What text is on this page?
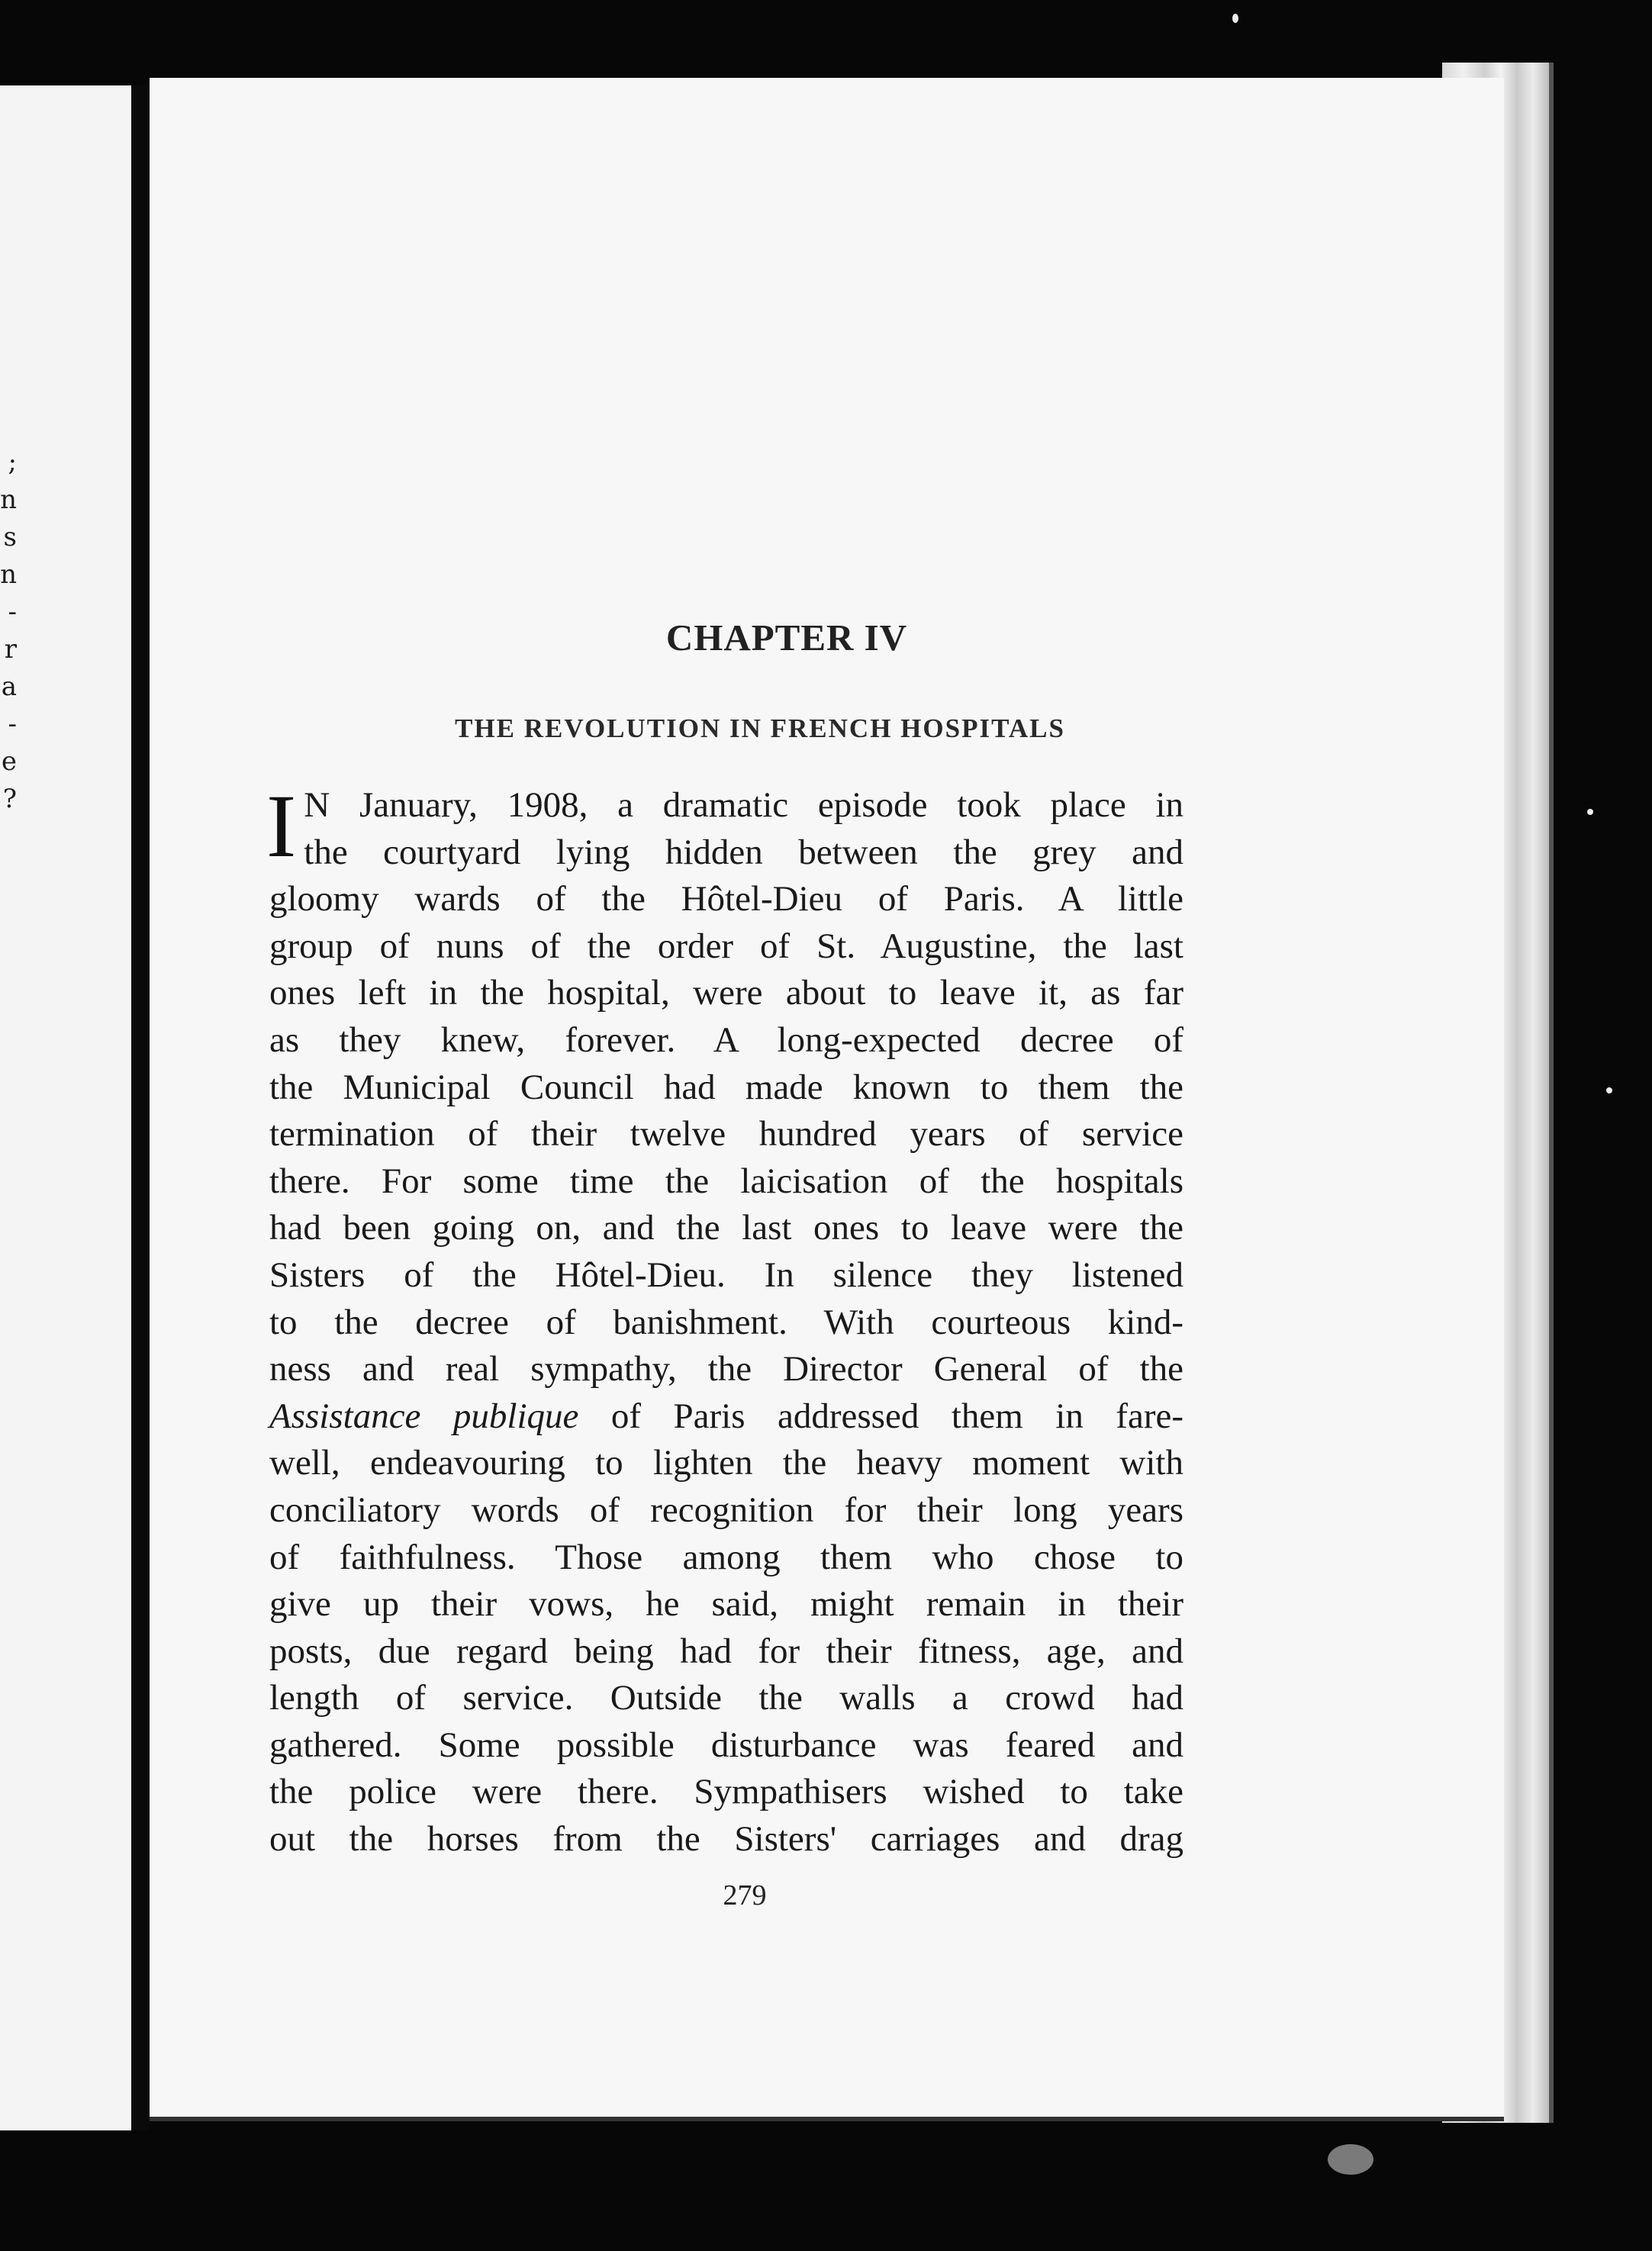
;
n
s
n
-
r
a
-
e
?
CHAPTER IV
THE REVOLUTION IN FRENCH HOSPITALS
I N January, 1908, a dramatic episode took place in
the courtyard lying hidden between the grey and
gloomy wards of the Hôtel-Dieu of Paris. A little
group of nuns of the order of St. Augustine, the last
ones left in the hospital, were about to leave it, as far
as they knew, forever. A long-expected decree of
the Municipal Council had made known to them the
termination of their twelve hundred years of service
there. For some time the laicisation of the hospitals
had been going on, and the last ones to leave were the
Sisters of the Hôtel-Dieu. In silence they listened
to the decree of banishment. With courteous kind-
ness and real sympathy, the Director General of the
Assistance publique of Paris addressed them in fare-
well, endeavouring to lighten the heavy moment with
conciliatory words of recognition for their long years
of faithfulness. Those among them who chose to
give up their vows, he said, might remain in their
posts, due regard being had for their fitness, age, and
length of service. Outside the walls a crowd had
gathered. Some possible disturbance was feared and
the police were there. Sympathisers wished to take
out the horses from the Sisters' carriages and drag

279
